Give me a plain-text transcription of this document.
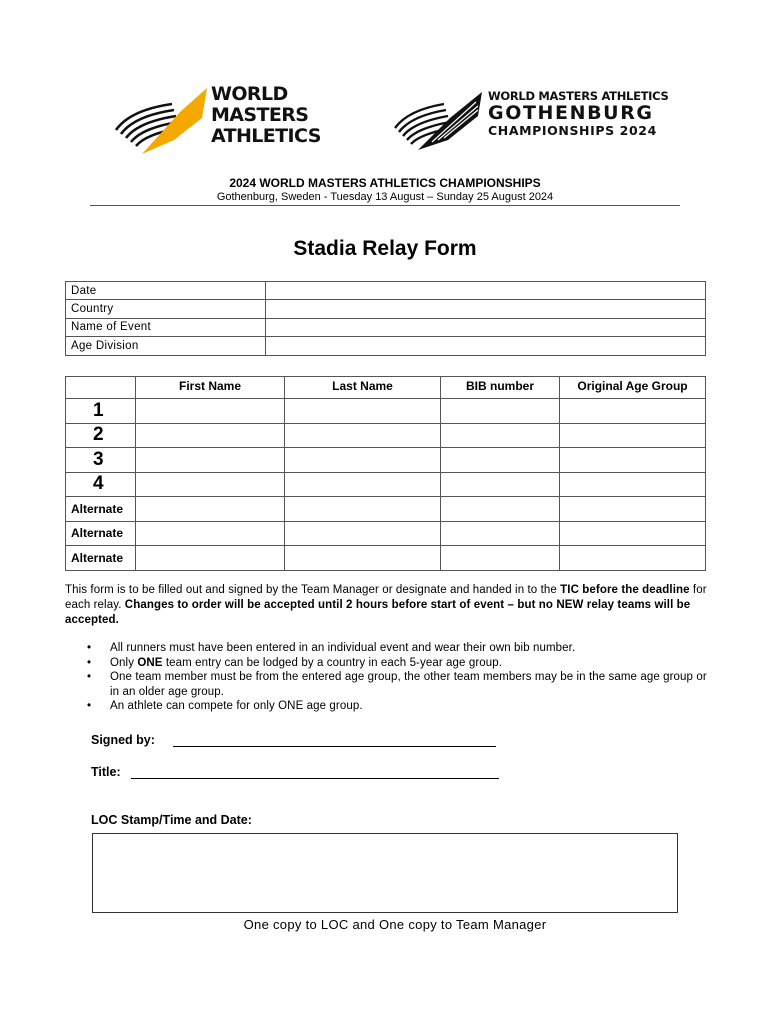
WORLD
MASTERS
ATHLETICS
WORLD MASTERS ATHLETICS
GOTHENBURG
CHAMPIONSHIPS 2024
2024 WORLD MASTERS ATHLETICS CHAMPIONSHIPS
Gothenburg, Sweden - Tuesday 13 August – Sunday 25 August 2024
Stadia Relay Form
Date	
Country	
Name of Event	
Age Division	
	First Name	Last Name	BIB number	Original Age Group
1				
2				
3				
4				
Alternate				
Alternate				
Alternate				
This form is to be filled out and signed by the Team Manager or designate and handed in to the TIC before the deadline for each relay. Changes to order will be accepted until 2 hours before start of event – but no NEW relay teams will be accepted.
• All runners must have been entered in an individual event and wear their own bib number.
• Only ONE team entry can be lodged by a country in each 5-year age group.
• One team member must be from the entered age group, the other team members may be in the same age group or in an older age group.
• An athlete can compete for only ONE age group.
Signed by:
Title:
LOC Stamp/Time and Date:
One copy to LOC and One copy to Team Manager
